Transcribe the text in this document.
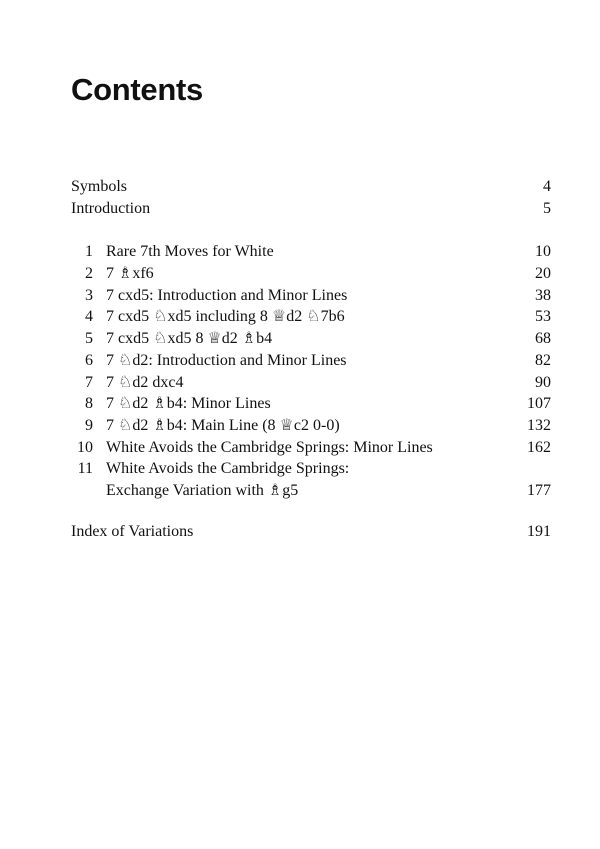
Contents
Symbols	4
Introduction	5
1 Rare 7th Moves for White	10
2 7 ♗xf6	20
3 7 cxd5: Introduction and Minor Lines	38
4 7 cxd5 ♘xd5 including 8 ♕d2 ♘7b6	53
5 7 cxd5 ♘xd5 8 ♕d2 ♗b4	68
6 7 ♘d2: Introduction and Minor Lines	82
7 7 ♘d2 dxc4	90
8 7 ♘d2 ♗b4: Minor Lines	107
9 7 ♘d2 ♗b4: Main Line (8 ♕c2 0-0)	132
10 White Avoids the Cambridge Springs: Minor Lines	162
11 White Avoids the Cambridge Springs:
Exchange Variation with ♗g5	177
Index of Variations	191
